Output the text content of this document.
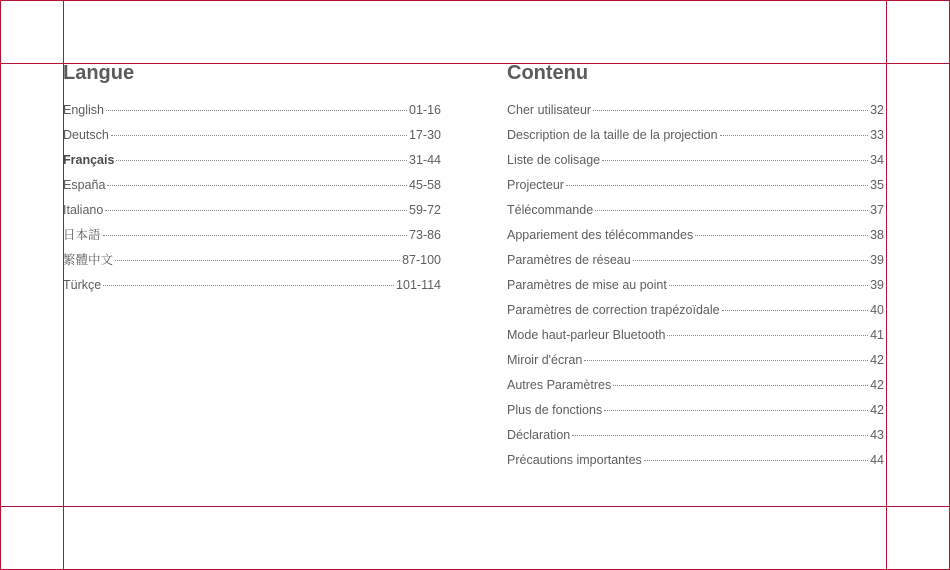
Langue
English	01-16
Deutsch	17-30
Français	31-44
España	45-58
Italiano	59-72
日本語	73-86
繁體中文	87-100
Türkçe	101-114
Contenu
Cher utilisateur	32
Description de la taille de la projection	33
Liste de colisage	34
Projecteur	35
Télécommande	37
Appariement des télécommandes	38
Paramètres de réseau	39
Paramètres de mise au point	39
Paramètres de correction trapézoïdale	40
Mode haut-parleur Bluetooth	41
Miroir d'écran	42
Autres Paramètres	42
Plus de fonctions	42
Déclaration	43
Précautions importantes	44
